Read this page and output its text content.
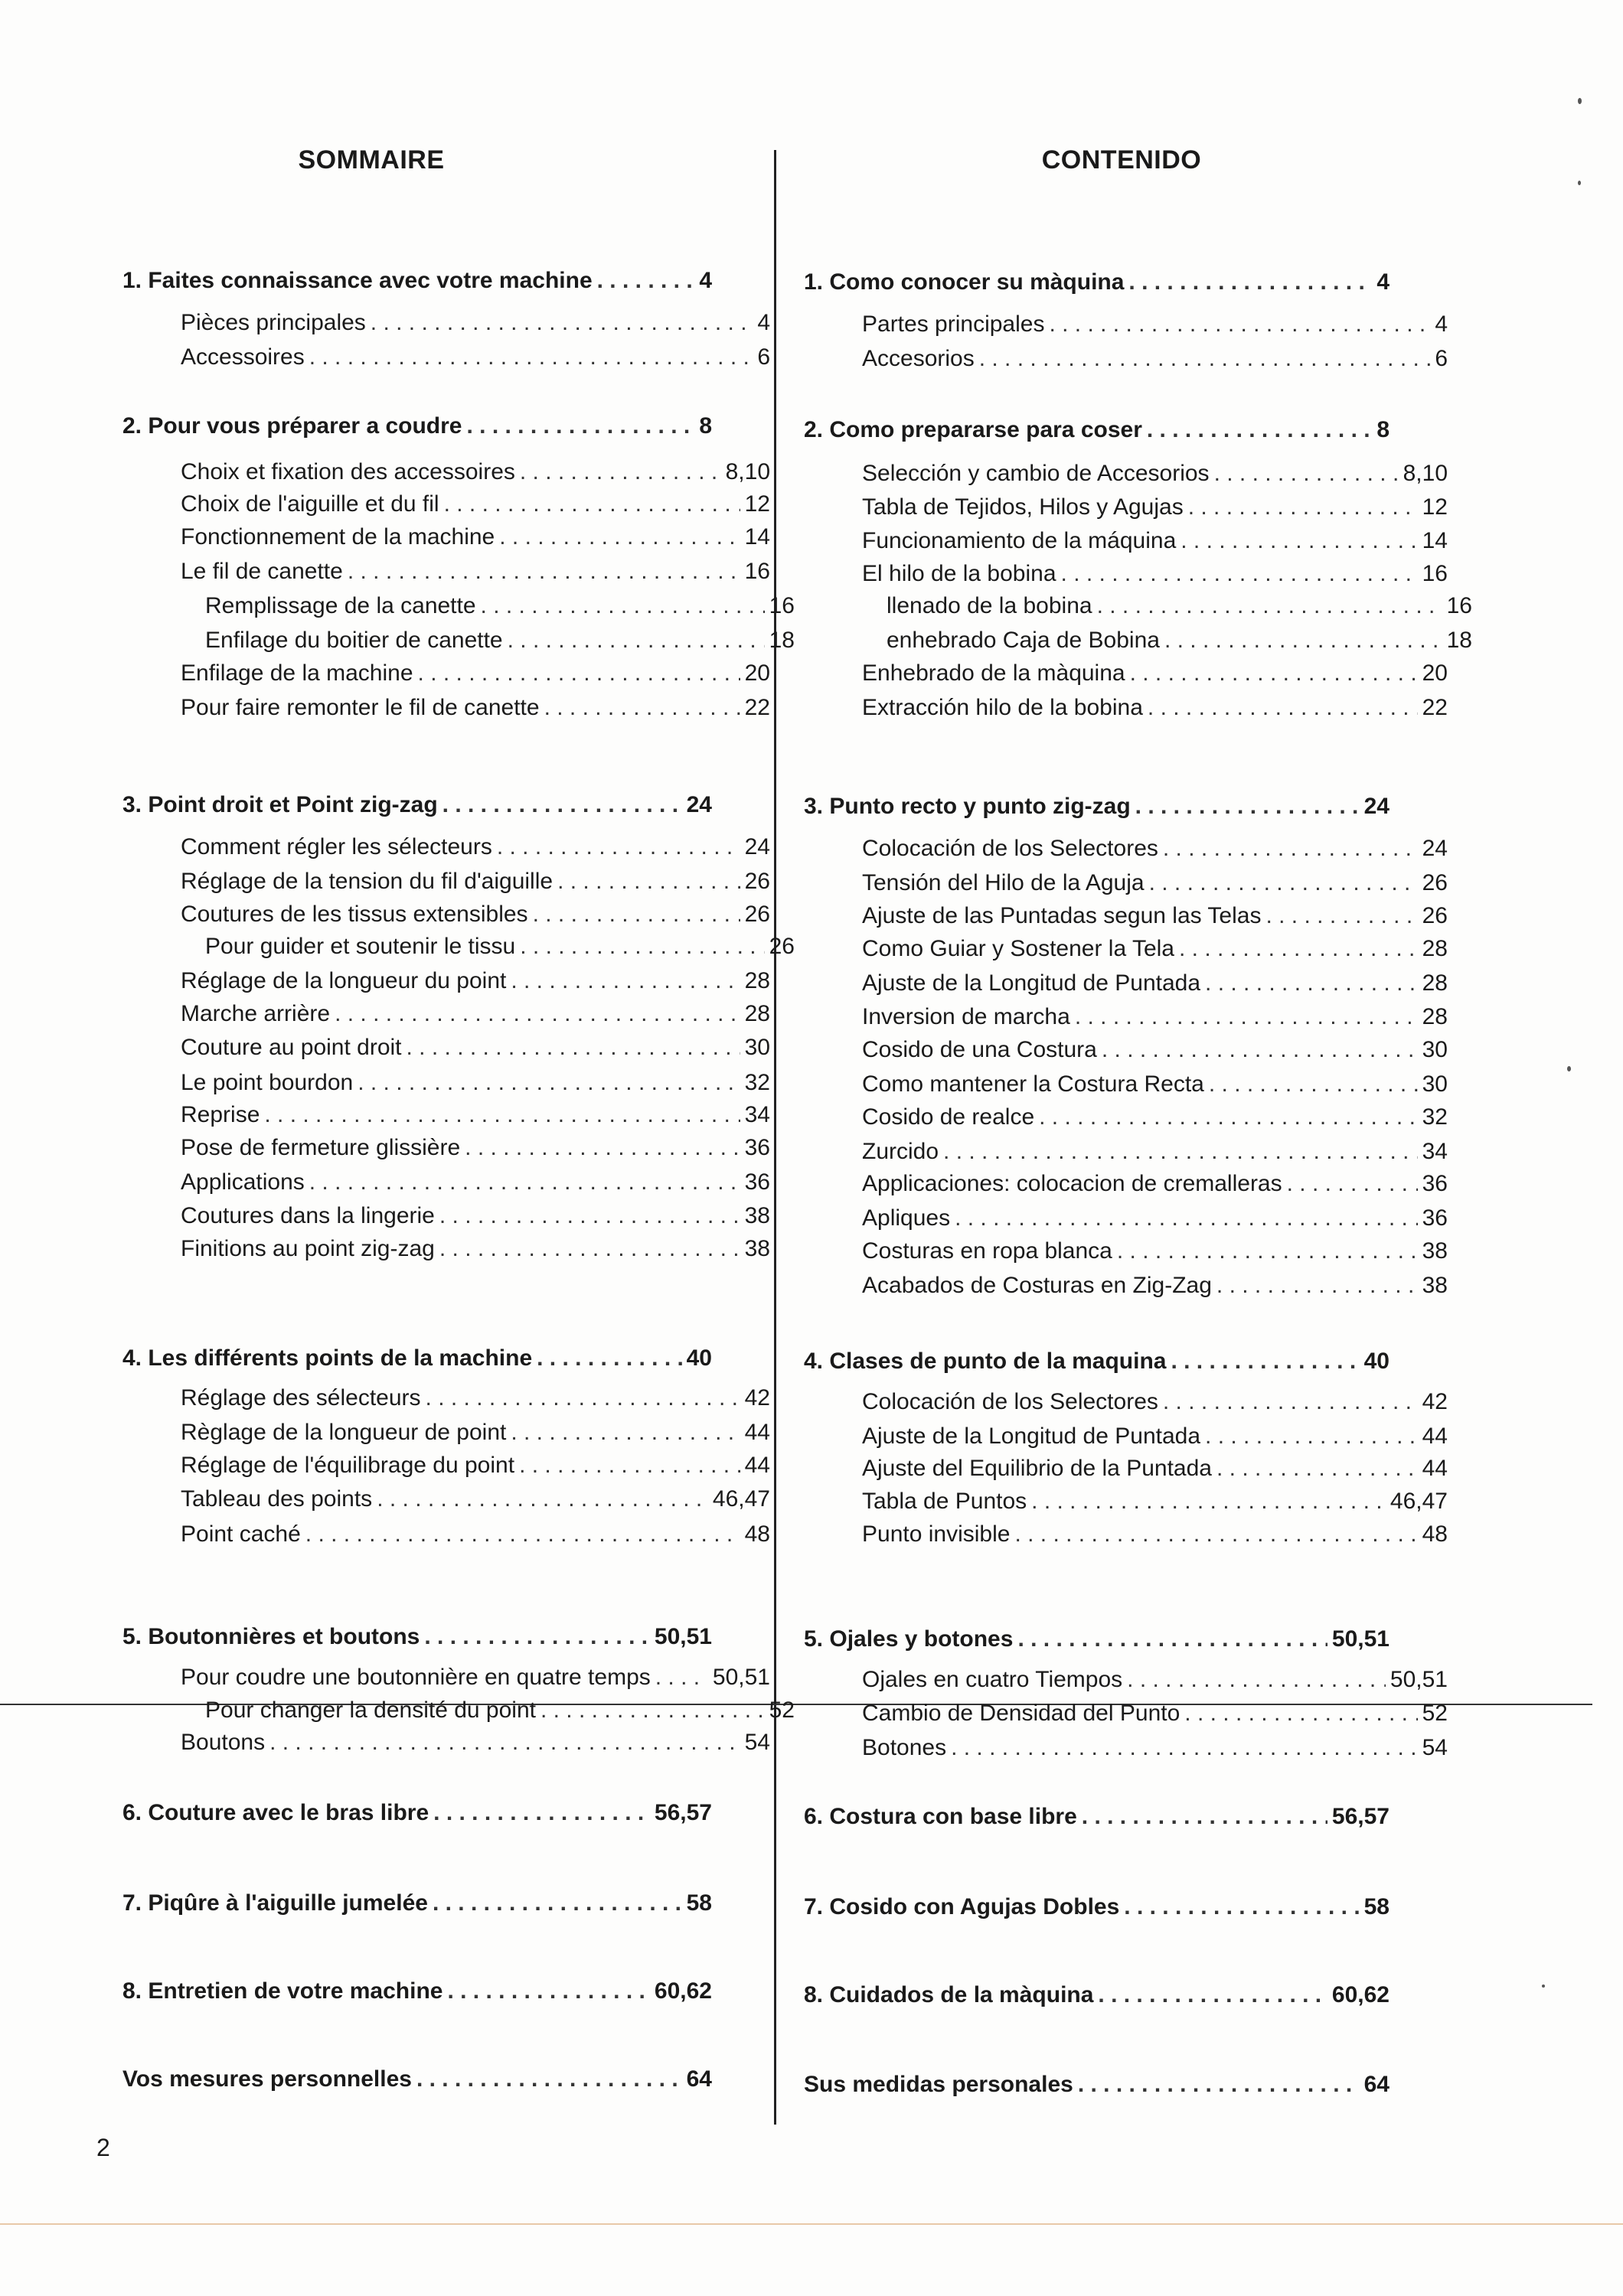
SOMMAIRE
1. Faites connaissance avec votre machine . . .	4
Pièces principales . . .	4
Accessoires . . .	6
2. Pour vous préparer a coudre . . .	8
Choix et fixation des accessoires . . .	8,10
Choix de l'aiguille et du fil . . .	12
Fonctionnement de la machine . . .	14
Le fil de canette . . .	16
Remplissage de la canette . . .	16
Enfilage du boitier de canette . . .	18
Enfilage de la machine . . .	20
Pour faire remonter le fil de canette . . .	22
3. Point droit et Point zig-zag . . .	24
Comment régler les sélecteurs . . .	24
Réglage de la tension du fil d'aiguille . . .	26
Coutures de les tissus extensibles . . .	26
Pour guider et soutenir le tissu . . .	26
Réglage de la longueur du point . . .	28
Marche arrière . . .	28
Couture au point droit . . .	30
Le point bourdon . . .	32
Reprise . . .	34
Pose de fermeture glissière . . .	36
Applications . . .	36
Coutures dans la lingerie . . .	38
Finitions au point zig-zag . . .	38
4. Les différents points de la machine . . .	40
Réglage des sélecteurs . . .	42
Règlage de la longueur de point . . .	44
Réglage de l'équilibrage du point . . .	44
Tableau des points . . .	46,47
Point caché . . .	48
5. Boutonnières et boutons . . .	50,51
Pour coudre une boutonnière en quatre temps . . .	50,51
Pour changer la densité du point . . .	52
Boutons . . .	54
6. Couture avec le bras libre . . .	56,57
7. Piqûre à l'aiguille jumelée . . .	58
8. Entretien de votre machine . . .	60,62
Vos mesures personnelles . . .	64
CONTENIDO
1. Como conocer su màquina . . .	4
Partes principales . . .	4
Accesorios . . .	6
2. Como prepararse para coser . . .	8
Selección y cambio de Accesorios . . .	8,10
Tabla de Tejidos, Hilos y Agujas . . .	12
Funcionamiento de la máquina . . .	14
El hilo de la bobina . . .	16
llenado de la bobina . . .	16
enhebrado Caja de Bobina . . .	18
Enhebrado de la màquina . . .	20
Extracción hilo de la bobina . . .	22
3. Punto recto y punto zig-zag . . .	24
Colocación de los Selectores . . .	24
Tensión del Hilo de la Aguja . . .	26
Ajuste de las Puntadas segun las Telas . . .	26
Como Guiar y Sostener la Tela . . .	28
Ajuste de la Longitud de Puntada . . .	28
Inversion de marcha . . .	28
Cosido de una Costura . . .	30
Como mantener la Costura Recta . . .	30
Cosido de realce . . .	32
Zurcido . . .	34
Applicaciones: colocacion de cremalleras . . .	36
Apliques . . .	36
Costuras en ropa blanca . . .	38
Acabados de Costuras en Zig-Zag . . .	38
4. Clases de punto de la maquina . . .	40
Colocación de los Selectores . . .	42
Ajuste de la Longitud de Puntada . . .	44
Ajuste del Equilibrio de la Puntada . . .	44
Tabla de Puntos . . .	46,47
Punto invisible . . .	48
5. Ojales y botones . . .	50,51
Ojales en cuatro Tiempos . . .	50,51
Cambio de Densidad del Punto . . .	52
Botones . . .	54
6. Costura con base libre . . .	56,57
7. Cosido con Agujas Dobles . . .	58
8. Cuidados de la màquina . . .	60,62
Sus medidas personales . . .	64
2
